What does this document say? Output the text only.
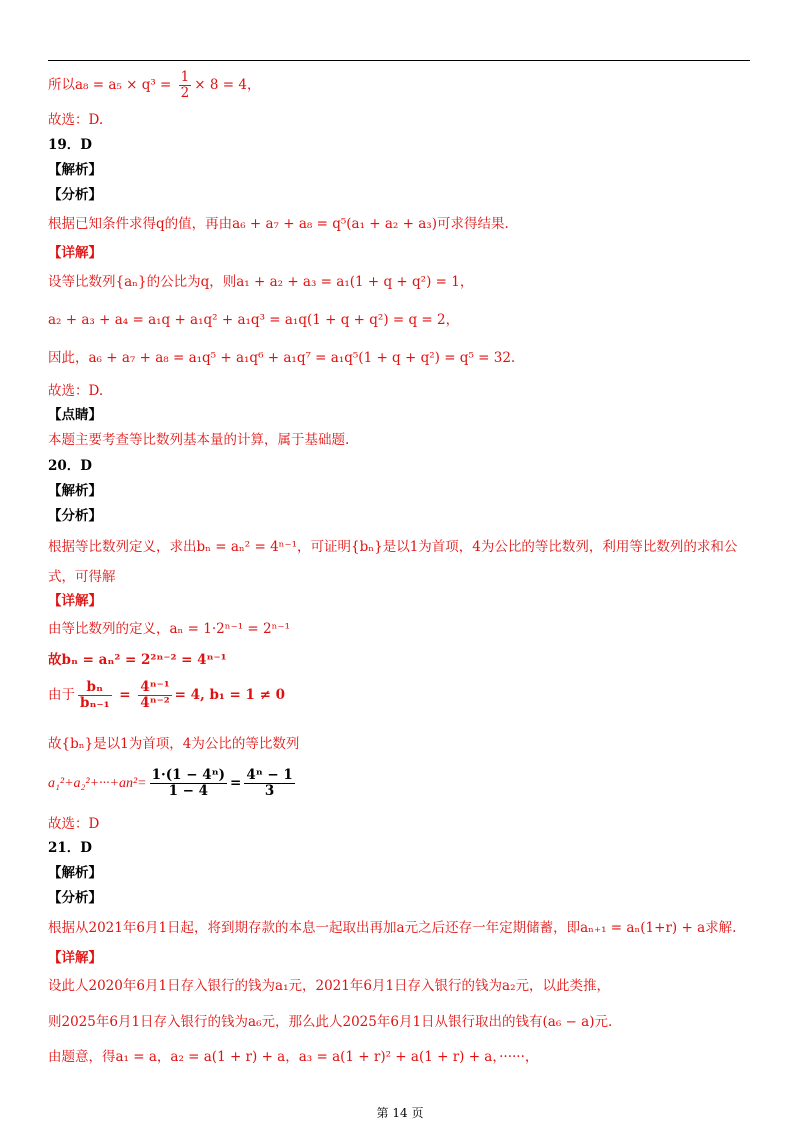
所以$a_8 = a_5 \times q^3 = \frac{1}{2} \times 8 = 4$，
故选：D.
19．D
【解析】
【分析】
根据已知条件求得q的值，再由a₆ + a₇ + a₈ = q⁵(a₁ + a₂ + a₃)可求得结果.
【详解】
设等比数列{aₙ}的公比为q，则a₁ + a₂ + a₃ = a₁(1 + q + q²) = 1，
a₂ + a₃ + a₄ = a₁q + a₁q² + a₁q³ = a₁q(1 + q + q²) = q = 2，
因此，a₆ + a₇ + a₈ = a₁q⁵ + a₁q⁶ + a₁q⁷ = a₁q⁵(1 + q + q²) = q⁵ = 32.
故选：D.
【点睛】
本题主要考查等比数列基本量的计算，属于基础题.
20．D
【解析】
【分析】
根据等比数列定义，求出bₙ = aₙ² = 4ⁿ⁻¹，可证明{bₙ}是以1为首项，4为公比的等比数列，利用等比数列的求和公
式，可得解
【详解】
由等比数列的定义，aₙ = 1·2ⁿ⁻¹ = 2ⁿ⁻¹
故bₙ = aₙ² = 2²ⁿ⁻² = 4ⁿ⁻¹
由于 $\frac{\text{bₙ}}{\text{bₙ₋₁}} = \frac{\text{4ⁿ⁻¹}}{\text{4ⁿ⁻²}} = 4$, b₁ = 1 ≠ 0
故{bₙ}是以1为首项，4为公比的等比数列
$a_1^2+a_2^2+\cdot\cdot\cdot+an^2= \frac{\text{1·(1 − 4ⁿ)}}{1 - 4} = \frac{\text{4ⁿ − 1}}{3}$
故选：D
21．D
【解析】
【分析】
根据从2021年6月1日起，将到期存款的本息一起取出再加a元之后还存一年定期储蓄，即aₙ₊₁ = aₙ(1+r) + a求解.
【详解】
设此人2020年6月1日存入银行的钱为a₁元，2021年6月1日存入银行的钱为a₂元，以此类推，
则2025年6月1日存入银行的钱为a₆元，那么此人2025年6月1日从银行取出的钱有(a₆ − a)元.
由题意，得a₁ = a，a₂ = a(1 + r) + a，a₃ = a(1 + r)² + a(1 + r) + a，······，
第 14 页
